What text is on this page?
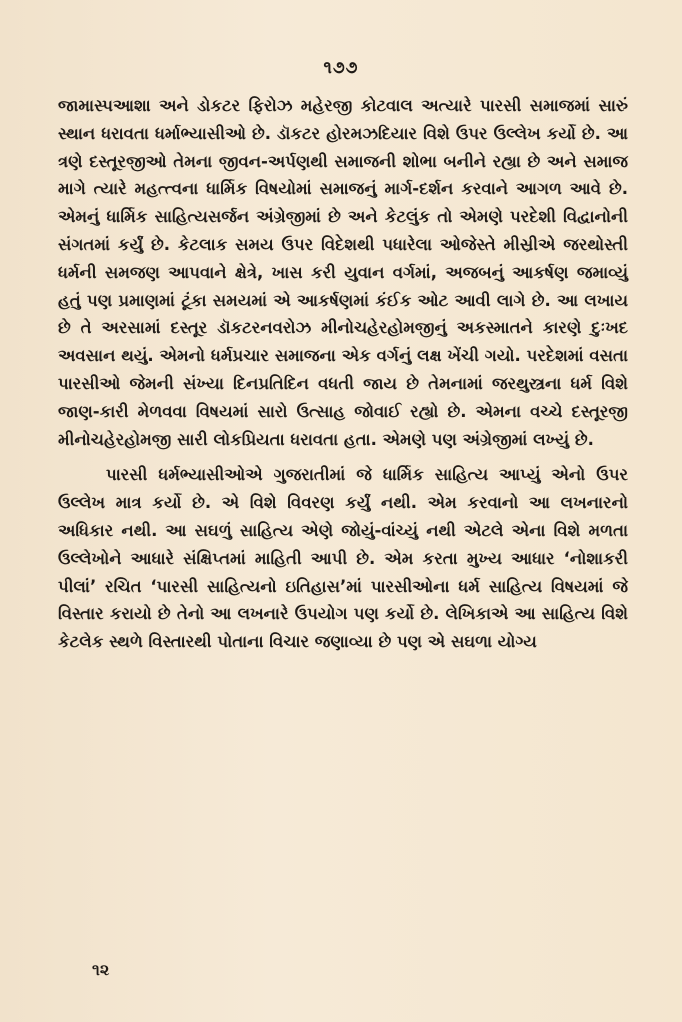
૧૭૭

જામાસ્પઆશા અને ડોકટર ફિરોઝ મહેરજી કોટવાલ અત્યારે પારસી સમાજમાં સારું સ્થાન ધરાવતા ધર્માભ્યાસીઓ છે. ડૉકટર હોરમઝદિયાર વિશે ઉપર ઉલ્લેખ કર્યો છે. આ ત્રણે દસ્તૂરજીઓ તેમના જીવન-અર્પણથી સમાજની શોભા બનીને રહ્યા છે અને સમાજ માગે ત્યારે મહત્ત્વના ધાર્મિક વિષયોમાં સમાજનું માર્ગ-દર્શન કરવાને આગળ આવે છે. એમનું ધાર્મિક સાહિત્યસર્જન અંગ્રેજીમાં છે અને કેટલુંક તો એમણે પરદેશી વિદ્વાનોની સંગતમાં કર્યું છે. કેટલાક સમય ઉપર વિદેશથી પધારેલા ઓજેસ્તે મીસ્રીએ જરથોસ્તી ધર્મની સમજણ આપવાને ક્ષેત્રે, ખાસ કરી યુવાન વર્ગમાં, અજબનું આકર્ષણ જમાવ્યું હતું પણ પ્રમાણમાં ટૂંકા સમયમાં એ આકર્ષણમાં કંઈક ઓટ આવી લાગે છે. આ લખાય છે તે અરસામાં દસ્તૂર ડૉકટરનવરોઝ મીનોચહેરહોમજીનું અકસ્માતને કારણે દુઃખદ અવસાન થયું. એમનો ધર્મપ્રચાર સમાજના એક વર્ગનું લક્ષ ખેંચી ગયો. પરદેશમાં વસતા પારસીઓ જેમની સંખ્યા દિનપ્રતિદિન વધતી જાય છે તેમનામાં જરથુસ્ત્રના ધર્મ વિશે જાણ-કારી મેળવવા વિષયમાં સારો ઉત્સાહ જોવાઈ રહ્યો છે. એમના વચ્ચે દસ્તૂરજી મીનોચહેરહોમજી સારી લોકપ્રિયતા ધરાવતા હતા. એમણે પણ અંગ્રેજીમાં લખ્યું છે.

પારસી ધર્મભ્યાસીઓએ ગુજરાતીમાં જે ધાર્મિક સાહિત્ય આપ્યું એનો ઉપર ઉલ્લેખ માત્ર કર્યો છે. એ વિશે વિવરણ કર્યું નથી. એમ કરવાનો આ લખનારનો અધિકાર નથી. આ સઘળું સાહિત્ય એણે જોયું-વાંચ્યું નથી એટલે એના વિશે મળતા ઉલ્લેખોને આધારે સંક્ષિપ્તમાં માહિતી આપી છે. એમ કરતા મુખ્ય આધાર ‘નોશાકરી પીલાં’ રચિત ‘પારસી સાહિત્યનો ઇતિહાસ’માં પારસીઓના ધર્મ સાહિત્ય વિષયમાં જે વિસ્તાર કરાયો છે તેનો આ લખનારે ઉપયોગ પણ કર્યો છે. લેખિકાએ આ સાહિત્ય વિશે કેટલેક સ્થળે વિસ્તારથી પોતાના વિચાર જણાવ્યા છે પણ એ સઘળા યોગ્ય

૧૨
